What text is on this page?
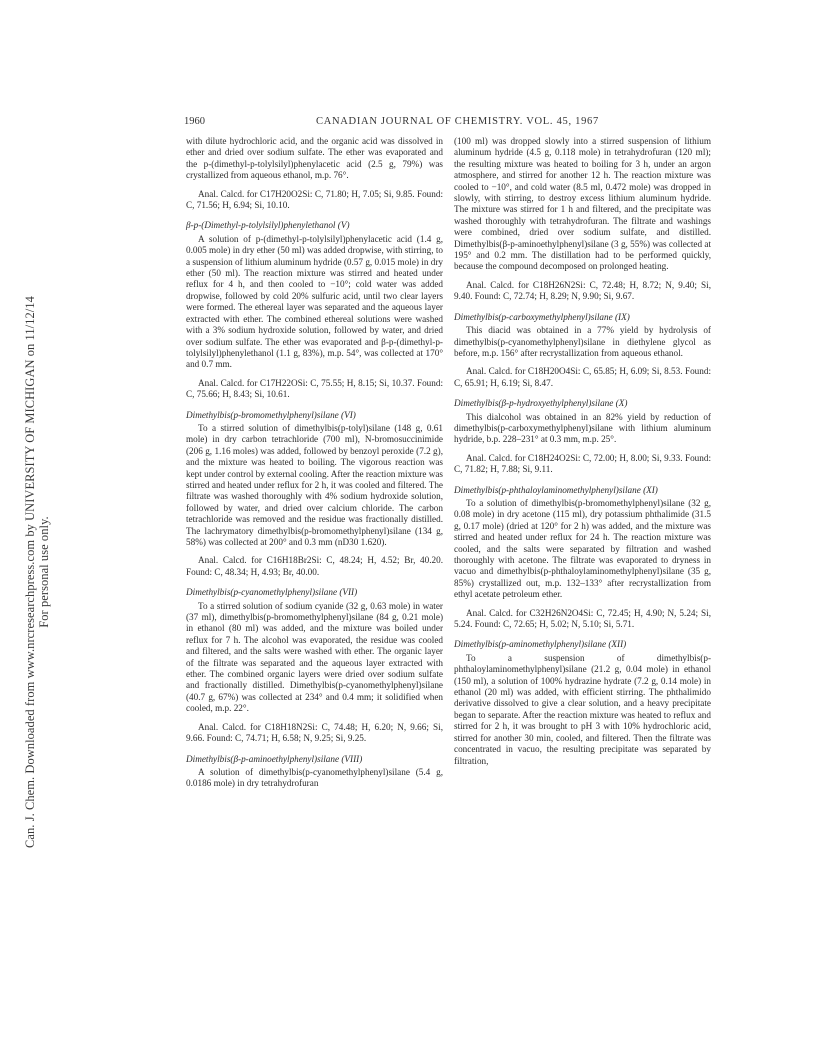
Can. J. Chem. Downloaded from www.nrcresearchpress.com by UNIVERSITY OF MICHIGAN on 11/12/14 For personal use only.
1960	CANADIAN JOURNAL OF CHEMISTRY. VOL. 45, 1967

with dilute hydrochloric acid, and the organic acid was dissolved in ether and dried over sodium sulfate. The ether was evaporated and the p-(dimethyl-p-tolylsilyl)phenylacetic acid (2.5 g, 79%) was crystallized from aqueous ethanol, m.p. 76°.

Anal. Calcd. for C17H20O2Si: C, 71.80; H, 7.05; Si, 9.85. Found: C, 71.56; H, 6.94; Si, 10.10.

β-p-(Dimethyl-p-tolylsilyl)phenylethanol (V)

A solution of p-(dimethyl-p-tolylsilyl)phenylacetic acid (1.4 g, 0.005 mole) in dry ether (50 ml) was added dropwise, with stirring, to a suspension of lithium aluminum hydride (0.57 g, 0.015 mole) in dry ether (50 ml). The reaction mixture was stirred and heated under reflux for 4 h, and then cooled to −10°; cold water was added dropwise, followed by cold 20% sulfuric acid, until two clear layers were formed. The ethereal layer was separated and the aqueous layer extracted with ether. The combined ethereal solutions were washed with a 3% sodium hydroxide solution, followed by water, and dried over sodium sulfate. The ether was evaporated and β-p-(dimethyl-p-tolylsilyl)phenylethanol (1.1 g, 83%), m.p. 54°, was collected at 170° and 0.7 mm.

Anal. Calcd. for C17H22OSi: C, 75.55; H, 8.15; Si, 10.37. Found: C, 75.66; H, 8.43; Si, 10.61.

Dimethylbis(p-bromomethylphenyl)silane (VI)

To a stirred solution of dimethylbis(p-tolyl)silane (148 g, 0.61 mole) in dry carbon tetrachloride (700 ml), N-bromosuccinimide (206 g, 1.16 moles) was added, followed by benzoyl peroxide (7.2 g), and the mixture was heated to boiling. The vigorous reaction was kept under control by external cooling. After the reaction mixture was stirred and heated under reflux for 2 h, it was cooled and filtered. The filtrate was washed thoroughly with 4% sodium hydroxide solution, followed by water, and dried over calcium chloride. The carbon tetrachloride was removed and the residue was fractionally distilled. The lachrymatory dimethylbis(p-bromomethylphenyl)silane (134 g, 58%) was collected at 200° and 0.3 mm (nD30 1.620).

Anal. Calcd. for C16H18Br2Si: C, 48.24; H, 4.52; Br, 40.20. Found: C, 48.34; H, 4.93; Br, 40.00.

Dimethylbis(p-cyanomethylphenyl)silane (VII)

To a stirred solution of sodium cyanide (32 g, 0.63 mole) in water (37 ml), dimethylbis(p-bromomethylphenyl)silane (84 g, 0.21 mole) in ethanol (80 ml) was added, and the mixture was boiled under reflux for 7 h. The alcohol was evaporated, the residue was cooled and filtered, and the salts were washed with ether. The organic layer of the filtrate was separated and the aqueous layer extracted with ether. The combined organic layers were dried over sodium sulfate and fractionally distilled. Dimethylbis(p-cyanomethylphenyl)silane (40.7 g, 67%) was collected at 234° and 0.4 mm; it solidified when cooled, m.p. 22°.

Anal. Calcd. for C18H18N2Si: C, 74.48; H, 6.20; N, 9.66; Si, 9.66. Found: C, 74.71; H, 6.58; N, 9.25; Si, 9.25.

Dimethylbis(β-p-aminoethylphenyl)silane (VIII)

A solution of dimethylbis(p-cyanomethylphenyl)silane (5.4 g, 0.0186 mole) in dry tetrahydrofuran

(100 ml) was dropped slowly into a stirred suspension of lithium aluminum hydride (4.5 g, 0.118 mole) in tetrahydrofuran (120 ml); the resulting mixture was heated to boiling for 3 h, under an argon atmosphere, and stirred for another 12 h. The reaction mixture was cooled to −10°, and cold water (8.5 ml, 0.472 mole) was dropped in slowly, with stirring, to destroy excess lithium aluminum hydride. The mixture was stirred for 1 h and filtered, and the precipitate was washed thoroughly with tetrahydrofuran. The filtrate and washings were combined, dried over sodium sulfate, and distilled. Dimethylbis(β-p-aminoethylphenyl)silane (3 g, 55%) was collected at 195° and 0.2 mm. The distillation had to be performed quickly, because the compound decomposed on prolonged heating.

Anal. Calcd. for C18H26N2Si: C, 72.48; H, 8.72; N, 9.40; Si, 9.40. Found: C, 72.74; H, 8.29; N, 9.90; Si, 9.67.

Dimethylbis(p-carboxymethylphenyl)silane (IX)

This diacid was obtained in a 77% yield by hydrolysis of dimethylbis(p-cyanomethylphenyl)silane in diethylene glycol as before, m.p. 156° after recrystallization from aqueous ethanol.

Anal. Calcd. for C18H20O4Si: C, 65.85; H, 6.09; Si, 8.53. Found: C, 65.91; H, 6.19; Si, 8.47.

Dimethylbis(β-p-hydroxyethylphenyl)silane (X)

This dialcohol was obtained in an 82% yield by reduction of dimethylbis(p-carboxymethylphenyl)silane with lithium aluminum hydride, b.p. 228–231° at 0.3 mm, m.p. 25°.

Anal. Calcd. for C18H24O2Si: C, 72.00; H, 8.00; Si, 9.33. Found: C, 71.82; H, 7.88; Si, 9.11.

Dimethylbis(p-phthaloylaminomethylphenyl)silane (XI)

To a solution of dimethylbis(p-bromomethylphenyl)silane (32 g, 0.08 mole) in dry acetone (115 ml), dry potassium phthalimide (31.5 g, 0.17 mole) (dried at 120° for 2 h) was added, and the mixture was stirred and heated under reflux for 24 h. The reaction mixture was cooled, and the salts were separated by filtration and washed thoroughly with acetone. The filtrate was evaporated to dryness in vacuo and dimethylbis(p-phthaloylaminomethylphenyl)silane (35 g, 85%) crystallized out, m.p. 132–133° after recrystallization from ethyl acetate petroleum ether.

Anal. Calcd. for C32H26N2O4Si: C, 72.45; H, 4.90; N, 5.24; Si, 5.24. Found: C, 72.65; H, 5.02; N, 5.10; Si, 5.71.

Dimethylbis(p-aminomethylphenyl)silane (XII)

To a suspension of dimethylbis(p-phthaloylaminomethylphenyl)silane (21.2 g, 0.04 mole) in ethanol (150 ml), a solution of 100% hydrazine hydrate (7.2 g, 0.14 mole) in ethanol (20 ml) was added, with efficient stirring. The phthalimido derivative dissolved to give a clear solution, and a heavy precipitate began to separate. After the reaction mixture was heated to reflux and stirred for 2 h, it was brought to pH 3 with 10% hydrochloric acid, stirred for another 30 min, cooled, and filtered. Then the filtrate was concentrated in vacuo, the resulting precipitate was separated by filtration,
